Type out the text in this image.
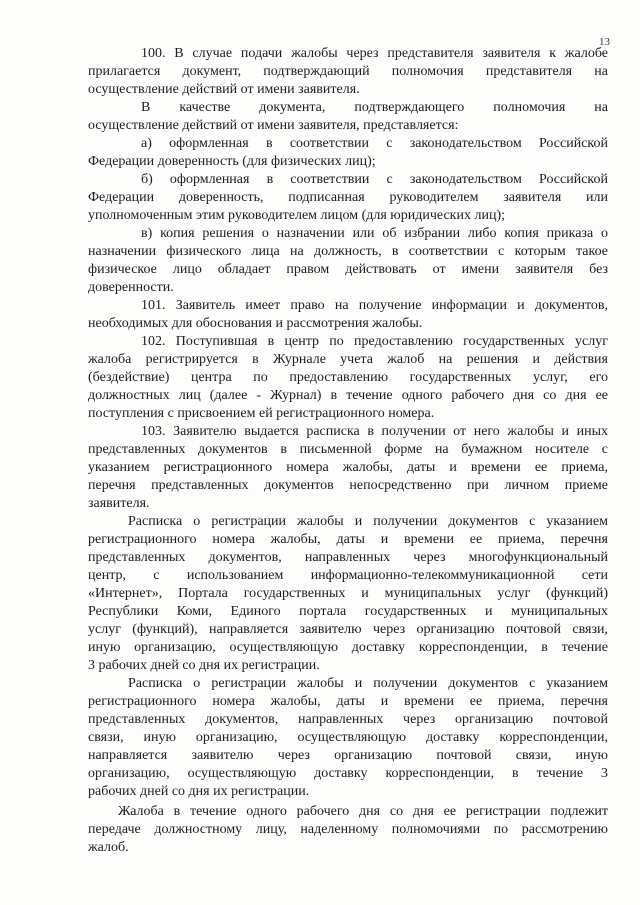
13
100. В случае подачи жалобы через представителя заявителя к жалобе
прилагается документ, подтверждающий полномочия представителя на
осуществление действий от имени заявителя.
В качестве документа, подтверждающего полномочия на
осуществление действий от имени заявителя, представляется:
а) оформленная в соответствии с законодательством Российской
Федерации доверенность (для физических лиц);
б) оформленная в соответствии с законодательством Российской
Федерации доверенность, подписанная руководителем заявителя или
уполномоченным этим руководителем лицом (для юридических лиц);
в) копия решения о назначении или об избрании либо копия приказа о
назначении физического лица на должность, в соответствии с которым такое
физическое лицо обладает правом действовать от имени заявителя без
доверенности.
101. Заявитель имеет право на получение информации и документов,
необходимых для обоснования и рассмотрения жалобы.
102. Поступившая в центр по предоставлению государственных услуг
жалоба регистрируется в Журнале учета жалоб на решения и действия
(бездействие) центра по предоставлению государственных услуг, его
должностных лиц (далее - Журнал) в течение одного рабочего дня со дня ее
поступления с присвоением ей регистрационного номера.
103. Заявителю выдается расписка в получении от него жалобы и иных
представленных документов в письменной форме на бумажном носителе с
указанием регистрационного номера жалобы, даты и времени ее приема,
перечня представленных документов непосредственно при личном приеме
заявителя.
Расписка о регистрации жалобы и получении документов с указанием
регистрационного номера жалобы, даты и времени ее приема, перечня
представленных документов, направленных через многофункциональный
центр, с использованием информационно-телекоммуникационной сети
«Интернет», Портала государственных и муниципальных услуг (функций)
Республики Коми, Единого портала государственных и муниципальных
услуг (функций), направляется заявителю через организацию почтовой связи,
иную организацию, осуществляющую доставку корреспонденции, в течение
3 рабочих дней со дня их регистрации.
Расписка о регистрации жалобы и получении документов с указанием
регистрационного номера жалобы, даты и времени ее приема, перечня
представленных документов, направленных через организацию почтовой
связи, иную организацию, осуществляющую доставку корреспонденции,
направляется заявителю через организацию почтовой связи, иную
организацию, осуществляющую доставку корреспонденции, в течение 3
рабочих дней со дня их регистрации.
Жалоба в течение одного рабочего дня со дня ее регистрации подлежит
передаче должностному лицу, наделенному полномочиями по рассмотрению
жалоб.
